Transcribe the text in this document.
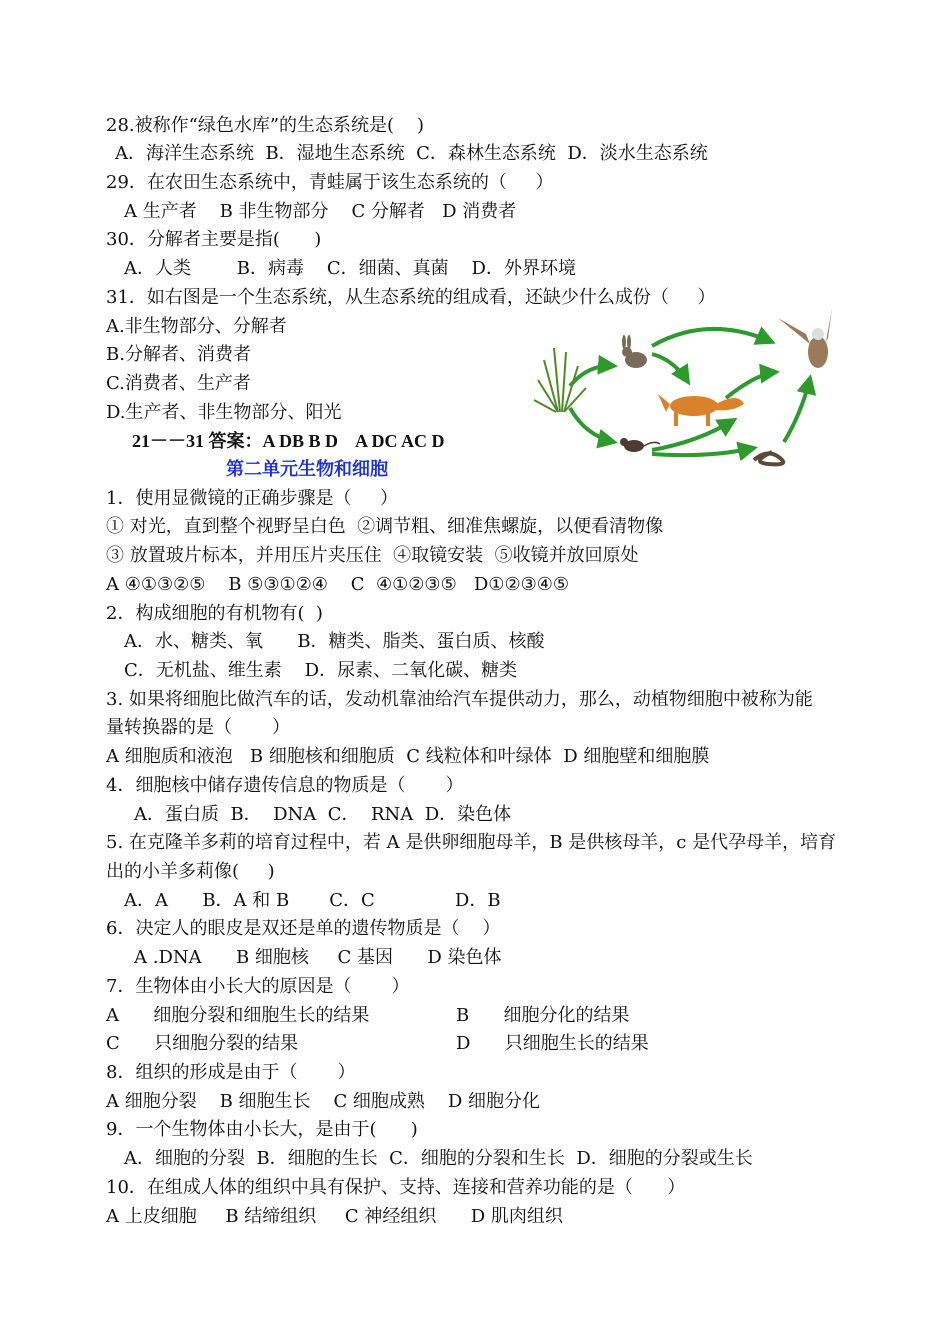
28.被称作“绿色水库”的生态系统是(    )
A．海洋生态系统  B．湿地生态系统  C．森林生态系统  D．淡水生态系统
29．在农田生态系统中，青蛙属于该生态系统的（     ）
A 生产者    B 非生物部分    C 分解者   D 消费者
30．分解者主要是指(      )
A．人类        B．病毒    C．细菌、真菌    D．外界环境
31．如右图是一个生态系统，从生态系统的组成看，还缺少什么成份（     ）
A.非生物部分、分解者
B.分解者、消费者
C.消费者、生产者
D.生产者、非生物部分、阳光
21－－31 答案：A DB B D    A DC AC D
第二单元生物和细胞
1．使用显微镜的正确步骤是（     ）
① 对光，直到整个视野呈白色  ②调节粗、细准焦螺旋，以便看清物像
③ 放置玻片标本，并用压片夹压住  ④取镜安装  ⑤收镜并放回原处
A ④①③②⑤    B ⑤③①②④    C  ④①②③⑤   D①②③④⑤
2．构成细胞的有机物有(  )
A．水、糖类、氧      B．糖类、脂类、蛋白质、核酸
C．无机盐、维生素    D．尿素、二氧化碳、糖类
3. 如果将细胞比做汽车的话，发动机靠油给汽车提供动力，那么，动植物细胞中被称为能
量转换器的是（       ）
A 细胞质和液泡   B 细胞核和细胞质  C 线粒体和叶绿体  D 细胞壁和细胞膜
4．细胞核中储存遗传信息的物质是（       ）
A．蛋白质  B．  DNA  C．  RNA  D．染色体
5. 在克隆羊多莉的培育过程中，若 A 是供卵细胞母羊，B 是供核母羊，c 是代孕母羊，培育
出的小羊多莉像(     )
A．A      B．A 和 B       C．C              D．B
6．决定人的眼皮是双还是单的遗传物质是（    ）
A .DNA      B 细胞核     C 基因      D 染色体
7．生物体由小长大的原因是（       ）
A      细胞分裂和细胞生长的结果	B      细胞分化的结果
C      只细胞分裂的结果	D      只细胞生长的结果
8．组织的形成是由于（       ）
A 细胞分裂    B 细胞生长    C 细胞成熟    D 细胞分化
9．一个生物体由小长大，是由于(      )
A．细胞的分裂  B．细胞的生长  C．细胞的分裂和生长  D．细胞的分裂或生长
10．在组成人体的组织中具有保护、支持、连接和营养功能的是（      ）
A 上皮细胞     B 结缔组织     C 神经组织      D 肌肉组织
